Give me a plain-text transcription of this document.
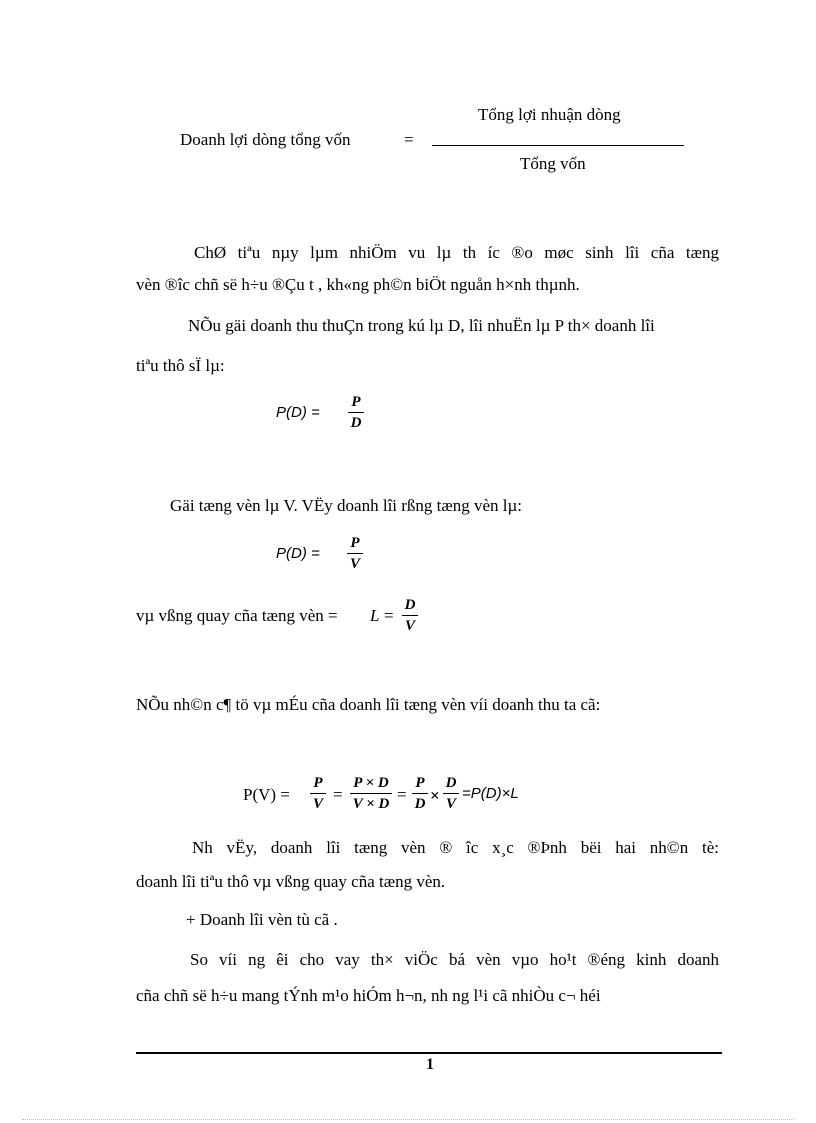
Doanh lợi dòng tổng vốn	=
Tổng lợi nhuận dòng
Tổng vốn
ChØ tiªu nµy lµm nhiÖm vu lµ th íc ®o møc sinh lîi cña tæng
vèn ®îc chñ së h÷u ®Çu t , kh«ng ph©n biÖt nguån h×nh thµnh.
NÕu gäi doanh thu thuÇn trong kú lµ D, lîi nhuËn lµ P th× doanh lîi
tiªu thô sÏ lµ:
P(D) =
P
D
Gäi tæng vèn lµ V. VËy doanh lîi rßng tæng vèn lµ:
P(D) =
P
V
vµ vßng quay cña tæng vèn = L =
D
V
NÕu nh©n c¶ tö vµ mÉu cña doanh lîi tæng vèn víi doanh thu ta cã:
P(V) =
P
V =
P × D
V × D =
P
D ×
D
V
=P(D)×L
Nh vËy, doanh lîi tæng vèn ® îc x¸c ®Þnh bëi hai nh©n tè:
doanh lîi tiªu thô vµ vßng quay cña tæng vèn.
+ Doanh lîi vèn tù cã .
So víi ng êi cho vay th× viÖc bá vèn vµo ho¹t ®éng kinh doanh
cña chñ së h÷u mang tÝnh m¹o hiÓm h¬n, nh ng l¹i cã nhiÒu c¬ héi
1
